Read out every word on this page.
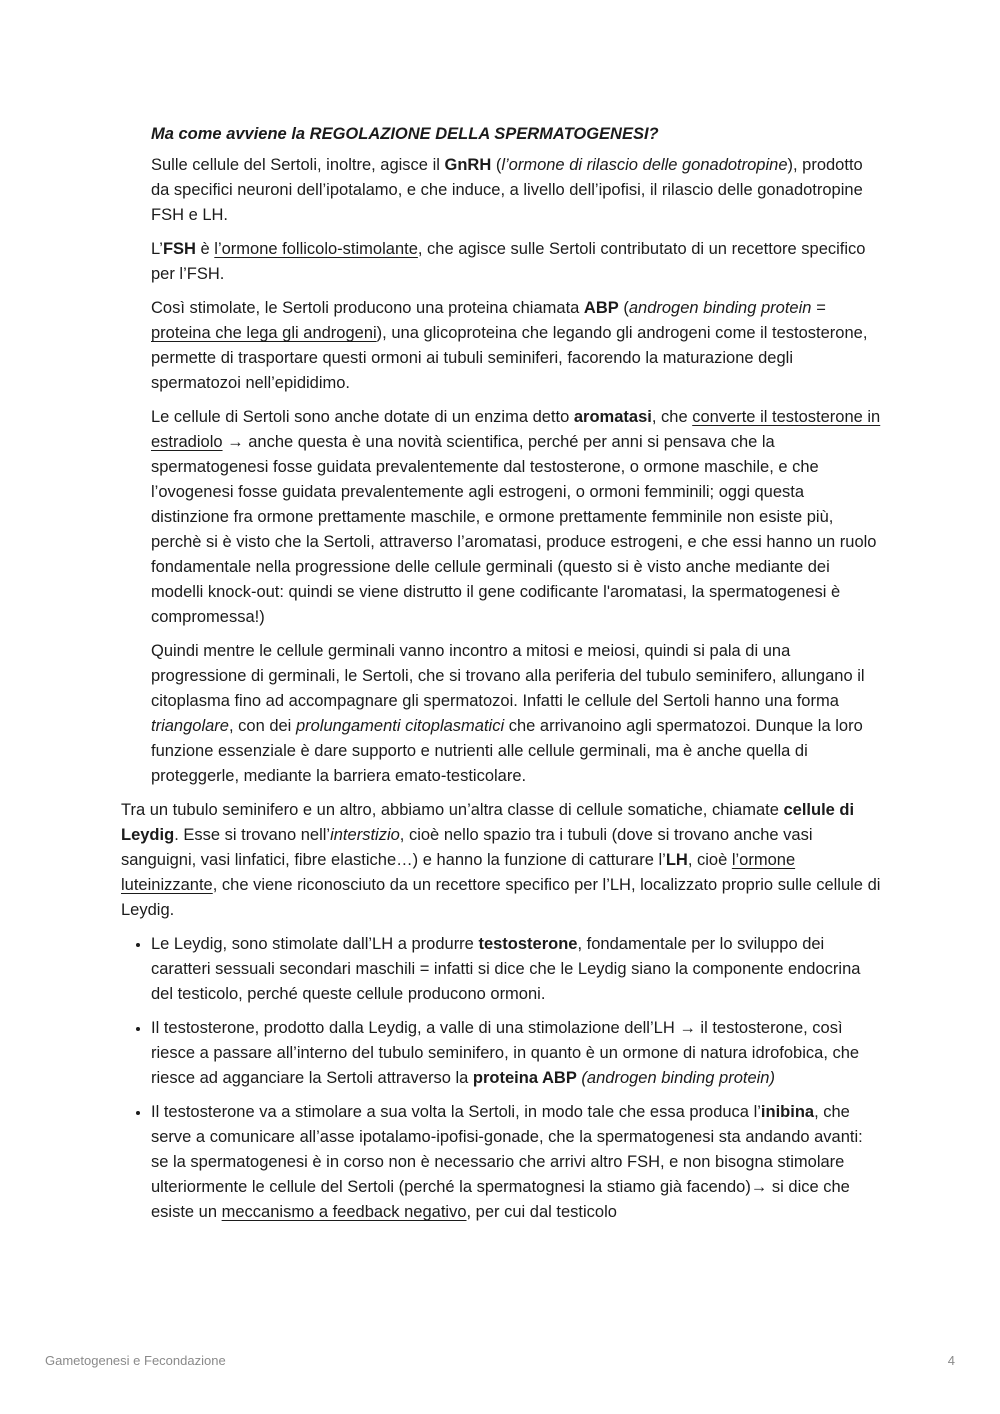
Ma come avviene la REGOLAZIONE DELLA SPERMATOGENESI?

Sulle cellule del Sertoli, inoltre, agisce il GnRH (l’ormone di rilascio delle gonadotropine), prodotto da specifici neuroni dell’ipotalamo, e che induce, a livello dell’ipofisi, il rilascio delle gonadotropine FSH e LH.

L’FSH è l’ormone follicolo-stimolante, che agisce sulle Sertoli contributato di un recettore specifico per l’FSH.

Così stimolate, le Sertoli producono una proteina chiamata ABP (androgen binding protein = proteina che lega gli androgeni), una glicoproteina che legando gli androgeni come il testosterone, permette di trasportare questi ormoni ai tubuli seminiferi, facorendo la maturazione degli spermatozoi nell’epididimo.

Le cellule di Sertoli sono anche dotate di un enzima detto aromatasi, che converte il testosterone in estradiolo → anche questa è una novità scientifica, perché per anni si pensava che la spermatogenesi fosse guidata prevalentemente dal testosterone, o ormone maschile, e che l’ovogenesi fosse guidata prevalentemente agli estrogeni, o ormoni femminili; oggi questa distinzione fra ormone prettamente maschile, e ormone prettamente femminile non esiste più, perchè si è visto che la Sertoli, attraverso l’aromatasi, produce estrogeni, e che essi hanno un ruolo fondamentale nella progressione delle cellule germinali (questo si è visto anche mediante dei modelli knock-out: quindi se viene distrutto il gene codificante l'aromatasi, la spermatogenesi è compromessa!)

Quindi mentre le cellule germinali vanno incontro a mitosi e meiosi, quindi si pala di una progressione di germinali, le Sertoli, che si trovano alla periferia del tubulo seminifero, allungano il citoplasma fino ad accompagnare gli spermatozoi. Infatti le cellule del Sertoli hanno una forma triangolare, con dei prolungamenti citoplasmatici che arrivanoino agli spermatozoi. Dunque la loro funzione essenziale è dare supporto e nutrienti alle cellule germinali, ma è anche quella di proteggerle, mediante la barriera emato-testicolare.

Tra un tubulo seminifero e un altro, abbiamo un’altra classe di cellule somatiche, chiamate cellule di Leydig. Esse si trovano nell’interstizio, cioè nello spazio tra i tubuli (dove si trovano anche vasi sanguigni, vasi linfatici, fibre elastiche…) e hanno la funzione di catturare l’LH, cioè l’ormone luteinizzante, che viene riconosciuto da un recettore specifico per l’LH, localizzato proprio sulle cellule di Leydig.

• Le Leydig, sono stimolate dall’LH a produrre testosterone, fondamentale per lo sviluppo dei caratteri sessuali secondari maschili = infatti si dice che le Leydig siano la componente endocrina del testicolo, perché queste cellule producono ormoni.
• Il testosterone, prodotto dalla Leydig, a valle di una stimolazione dell’LH → il testosterone, così riesce a passare all’interno del tubulo seminifero, in quanto è un ormone di natura idrofobica, che riesce ad agganciare la Sertoli attraverso la proteina ABP (androgen binding protein)
• Il testosterone va a stimolare a sua volta la Sertoli, in modo tale che essa produca l’inibina, che serve a comunicare all’asse ipotalamo-ipofisi-gonade, che la spermatogenesi sta andando avanti: se la spermatogenesi è in corso non è necessario che arrivi altro FSH, e non bisogna stimolare ulteriormente le cellule del Sertoli (perché la spermatognesi la stiamo già facendo)→ si dice che esiste un meccanismo a feedback negativo, per cui dal testicolo
Gametogenesi e Fecondazione	4
